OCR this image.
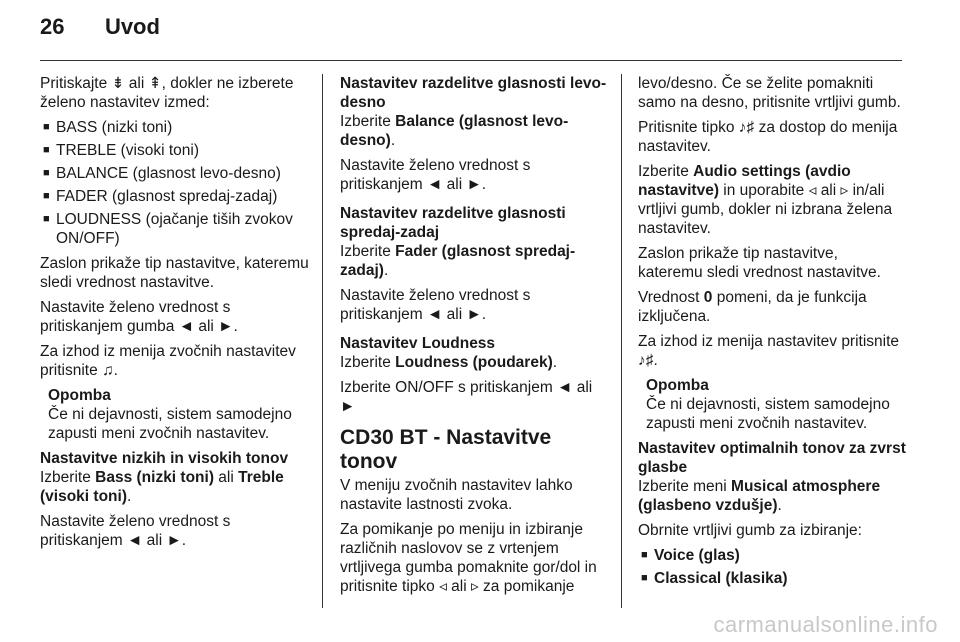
26 Uvod

Pritiskajte ⇟ ali ⇞, dokler ne izberete želeno nastavitev izmed:

■ BASS (nizki toni)
■ TREBLE (visoki toni)
■ BALANCE (glasnost levo-desno)
■ FADER (glasnost spredaj-zadaj)
■ LOUDNESS (ojačanje tiših zvokov ON/OFF)

Zaslon prikaže tip nastavitve, kateremu sledi vrednost nastavitve.

Nastavite želeno vrednost s pritiskanjem gumba ◄ ali ►.

Za izhod iz menija zvočnih nastavitev pritisnite ♫.

Opomba
Če ni dejavnosti, sistem samodejno zapusti meni zvočnih nastavitev.
Nastavitve nizkih in visokih tonov

Izberite Bass (nizki toni) ali Treble (visoki toni).

Nastavite želeno vrednost s pritiskanjem ◄ ali ►.

Nastavitev razdelitve glasnosti levo-desno

Izberite Balance (glasnost levo-desno).

Nastavite želeno vrednost s pritiskanjem ◄ ali ►.

Nastavitev razdelitve glasnosti spredaj-zadaj

Izberite Fader (glasnost spredaj-zadaj).

Nastavite želeno vrednost s pritiskanjem ◄ ali ►.

Nastavitev Loudness

Izberite Loudness (poudarek).

Izberite ON/OFF s pritiskanjem ◄ ali ►

CD30 BT - Nastavitve tonov

V meniju zvočnih nastavitev lahko nastavite lastnosti zvoka.

Za pomikanje po meniju in izbiranje različnih naslovov se z vrtenjem vrtljivega gumba pomaknite gor/dol in pritisnite tipko ◃ ali ▹ za pomikanje

levo/desno. Če se želite pomakniti samo na desno, pritisnite vrtljivi gumb.

Pritisnite tipko ♪♯ za dostop do menija nastavitev.

Izberite Audio settings (avdio nastavitve) in uporabite ◃ ali ▹ in/ali vrtljivi gumb, dokler ni izbrana želena nastavitev.

Zaslon prikaže tip nastavitve, kateremu sledi vrednost nastavitve.

Vrednost 0 pomeni, da je funkcija izključena.

Za izhod iz menija nastavitev pritisnite ♪♯.

Opomba
Če ni dejavnosti, sistem samodejno zapusti meni zvočnih nastavitev.
Nastavitev optimalnih tonov za zvrst glasbe

Izberite meni Musical atmosphere (glasbeno vzdušje).

Obrnite vrtljivi gumb za izbiranje:

■ Voice (glas)
■ Classical (klasika)
carmanualsonline.info
